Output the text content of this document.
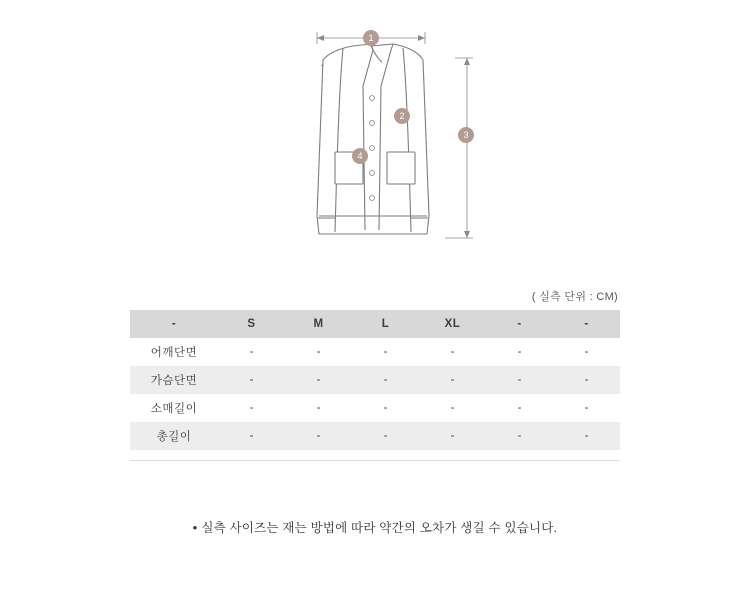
1
2
3
4
( 실측 단위 : CM)
-	S	M	L	XL	-	-
어깨단면	-	-	-	-	-	-
가슴단면	-	-	-	-	-	-
소매길이	-	-	-	-	-	-
총길이	-	-	-	-	-	-
• 실측 사이즈는 재는 방법에 따라 약간의 오차가 생길 수 있습니다.
